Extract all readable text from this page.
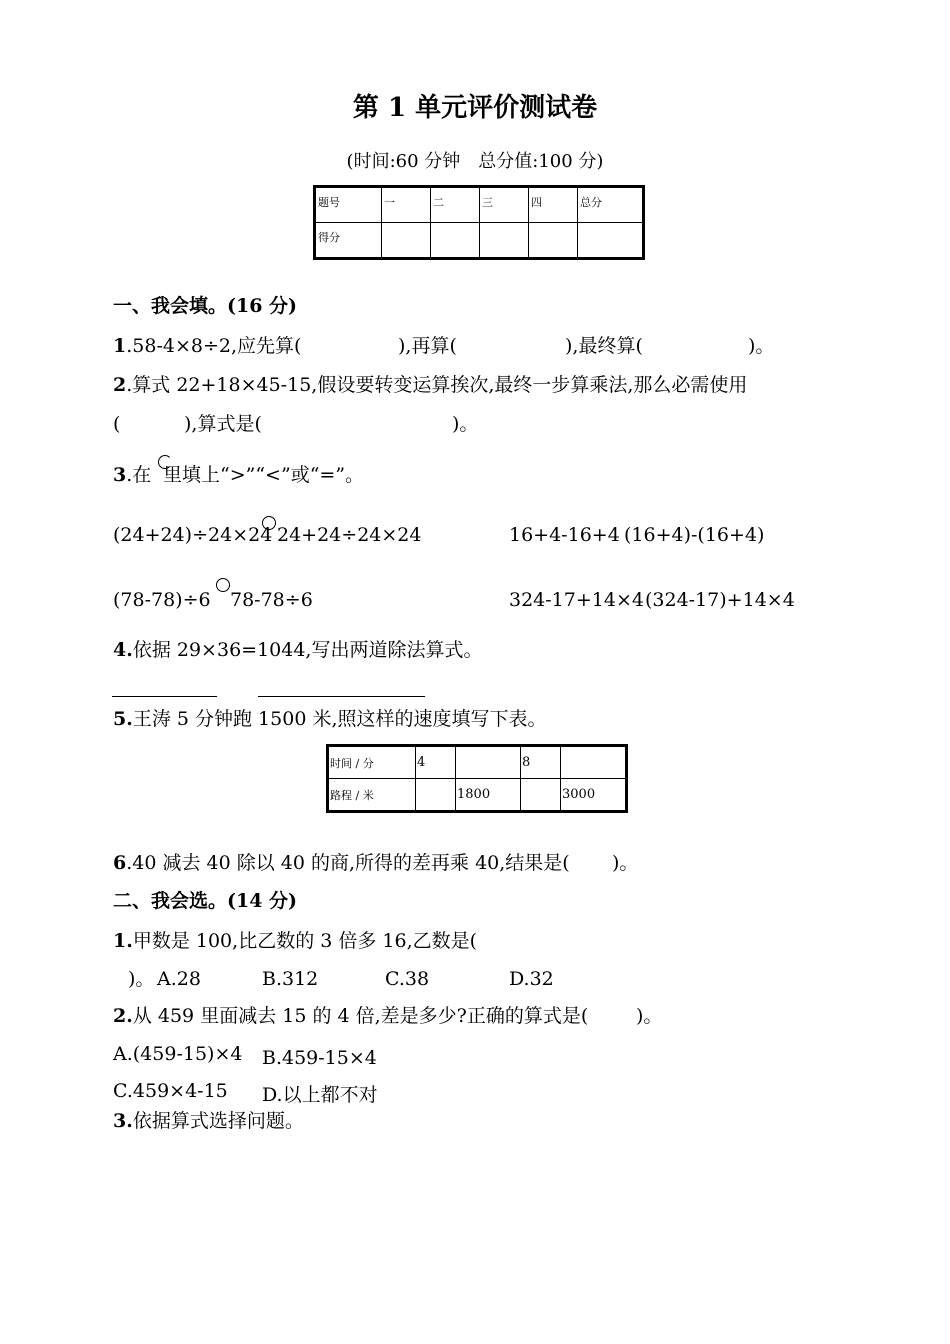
第 1 单元评价测试卷
(时间:60 分钟　总分值:100 分)
题号	一	二	三	四	总分
得分					
一、我会填。(16 分)
1.58-4×8÷2,应先算(	),再算(	),最终算(	)。
2.算式 22+18×45-15,假设要转变运算挨次,最终一步算乘法,那么必需使用
(	),算式是(	)。
3.在 里填上“>”“<”或“=”。
(24+24)÷24×24 24+24÷24×24	16+4-16+4 (16+4)-(16+4)
(78-78)÷6 78-78÷6	324-17+14×4 (324-17)+14×4
4.依据 29×36=1044,写出两道除法算式。
5.王涛 5 分钟跑 1500 米,照这样的速度填写下表。
时间 / 分	4		8	
路程 / 米		1800		3000
6.40 减去 40 除以 40 的商,所得的差再乘 40,结果是( )。
二、我会选。(14 分)
1.甲数是 100,比乙数的 3 倍多 16,乙数是(
)。 A.28	B.312	C.38	D.32
2.从 459 里面减去 15 的 4 倍,差是多少?正确的算式是(	)。
A.(459-15)×4 B.459-15×4
C.459×4-15 D.以上都不对
3.依据算式选择问题。
